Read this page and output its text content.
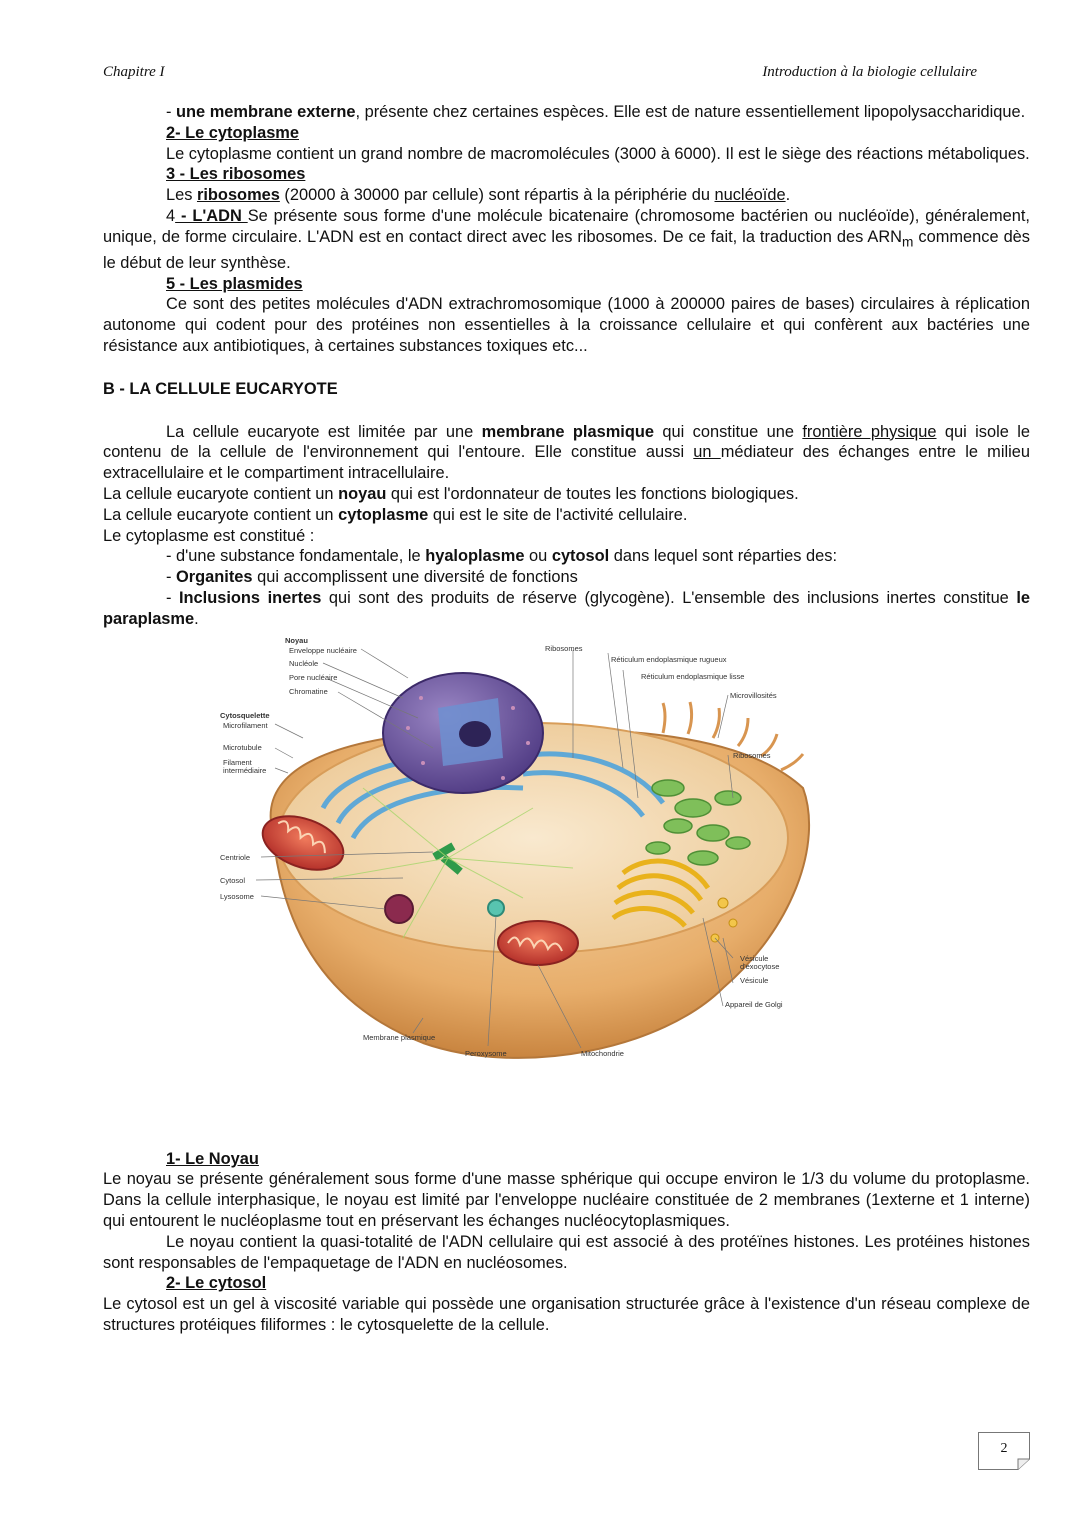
Chapitre I	Introduction à la biologie cellulaire

- une membrane externe, présente chez certaines espèces. Elle est de nature essentiellement lipopolysaccharidique.

2- Le cytoplasme

Le cytoplasme contient un grand nombre de macromolécules (3000 à 6000). Il est le siège des réactions métaboliques.

3 - Les ribosomes

Les ribosomes (20000 à 30000 par cellule) sont répartis à la périphérie du nucléoïde.

4 - L'ADN Se présente sous forme d'une molécule bicatenaire (chromosome bactérien ou nucléoïde), généralement, unique, de forme circulaire. L'ADN est en contact direct avec les ribosomes. De ce fait, la traduction des $ARN_m$ commence dès le début de leur synthèse.

5 - Les plasmides

Ce sont des petites molécules d'ADN extrachromosomique (1000 à 200000 paires de bases) circulaires à réplication autonome qui codent pour des protéines non essentielles à la croissance cellulaire et qui confèrent aux bactéries une résistance aux antibiotiques, à certaines substances toxiques etc...

B - LA CELLULE EUCARYOTE

La cellule eucaryote est limitée par une membrane plasmique qui constitue une frontière physique qui isole le contenu de la cellule de l'environnement qui l'entoure. Elle constitue aussi un médiateur des échanges entre le milieu extracellulaire et le compartiment intracellulaire.

La cellule eucaryote contient un noyau qui est l'ordonnateur de toutes les fonctions biologiques.

La cellule eucaryote contient un cytoplasme qui est le site de l'activité cellulaire.

Le cytoplasme est constitué :

- d'une substance fondamentale, le hyaloplasme ou cytosol dans lequel sont réparties des:

- Organites qui accomplissent une diversité de fonctions

- Inclusions inertes qui sont des produits de réserve (glycogène). L'ensemble des inclusions inertes constitue le paraplasme.

Noyau
Enveloppe nucléaire
Nucléole
Pore nucléaire
Chromatine
Cytosquelette
Microfilament
Microtubule
Filament
intermédiaire
Centriole
Cytosol
Lysosome
Ribosomes
Réticulum endoplasmique rugueux
Réticulum endoplasmique lisse
Microvillosités
Ribosomes
Vésicule
d'exocytose
Vésicule
Appareil de Golgi
Membrane plasmique
Peroxysome	Mitochondrie

1- Le Noyau

Le noyau se présente généralement sous forme d'une masse sphérique qui occupe environ le 1/3 du volume du protoplasme. Dans la cellule interphasique, le noyau est limité par l'enveloppe nucléaire constituée de 2 membranes (1externe et 1 interne) qui entourent le nucléoplasme tout en préservant les échanges nucléocytoplasmiques.

Le noyau contient la quasi-totalité de l'ADN cellulaire qui est associé à des protéïnes histones. Les protéines histones sont responsables de l'empaquetage de l'ADN en nucléosomes.

2- Le cytosol

Le cytosol est un gel à viscosité variable qui possède une organisation structurée grâce à l'existence d'un réseau complexe de structures protéiques filiformes : le cytosquelette de la cellule.

2
